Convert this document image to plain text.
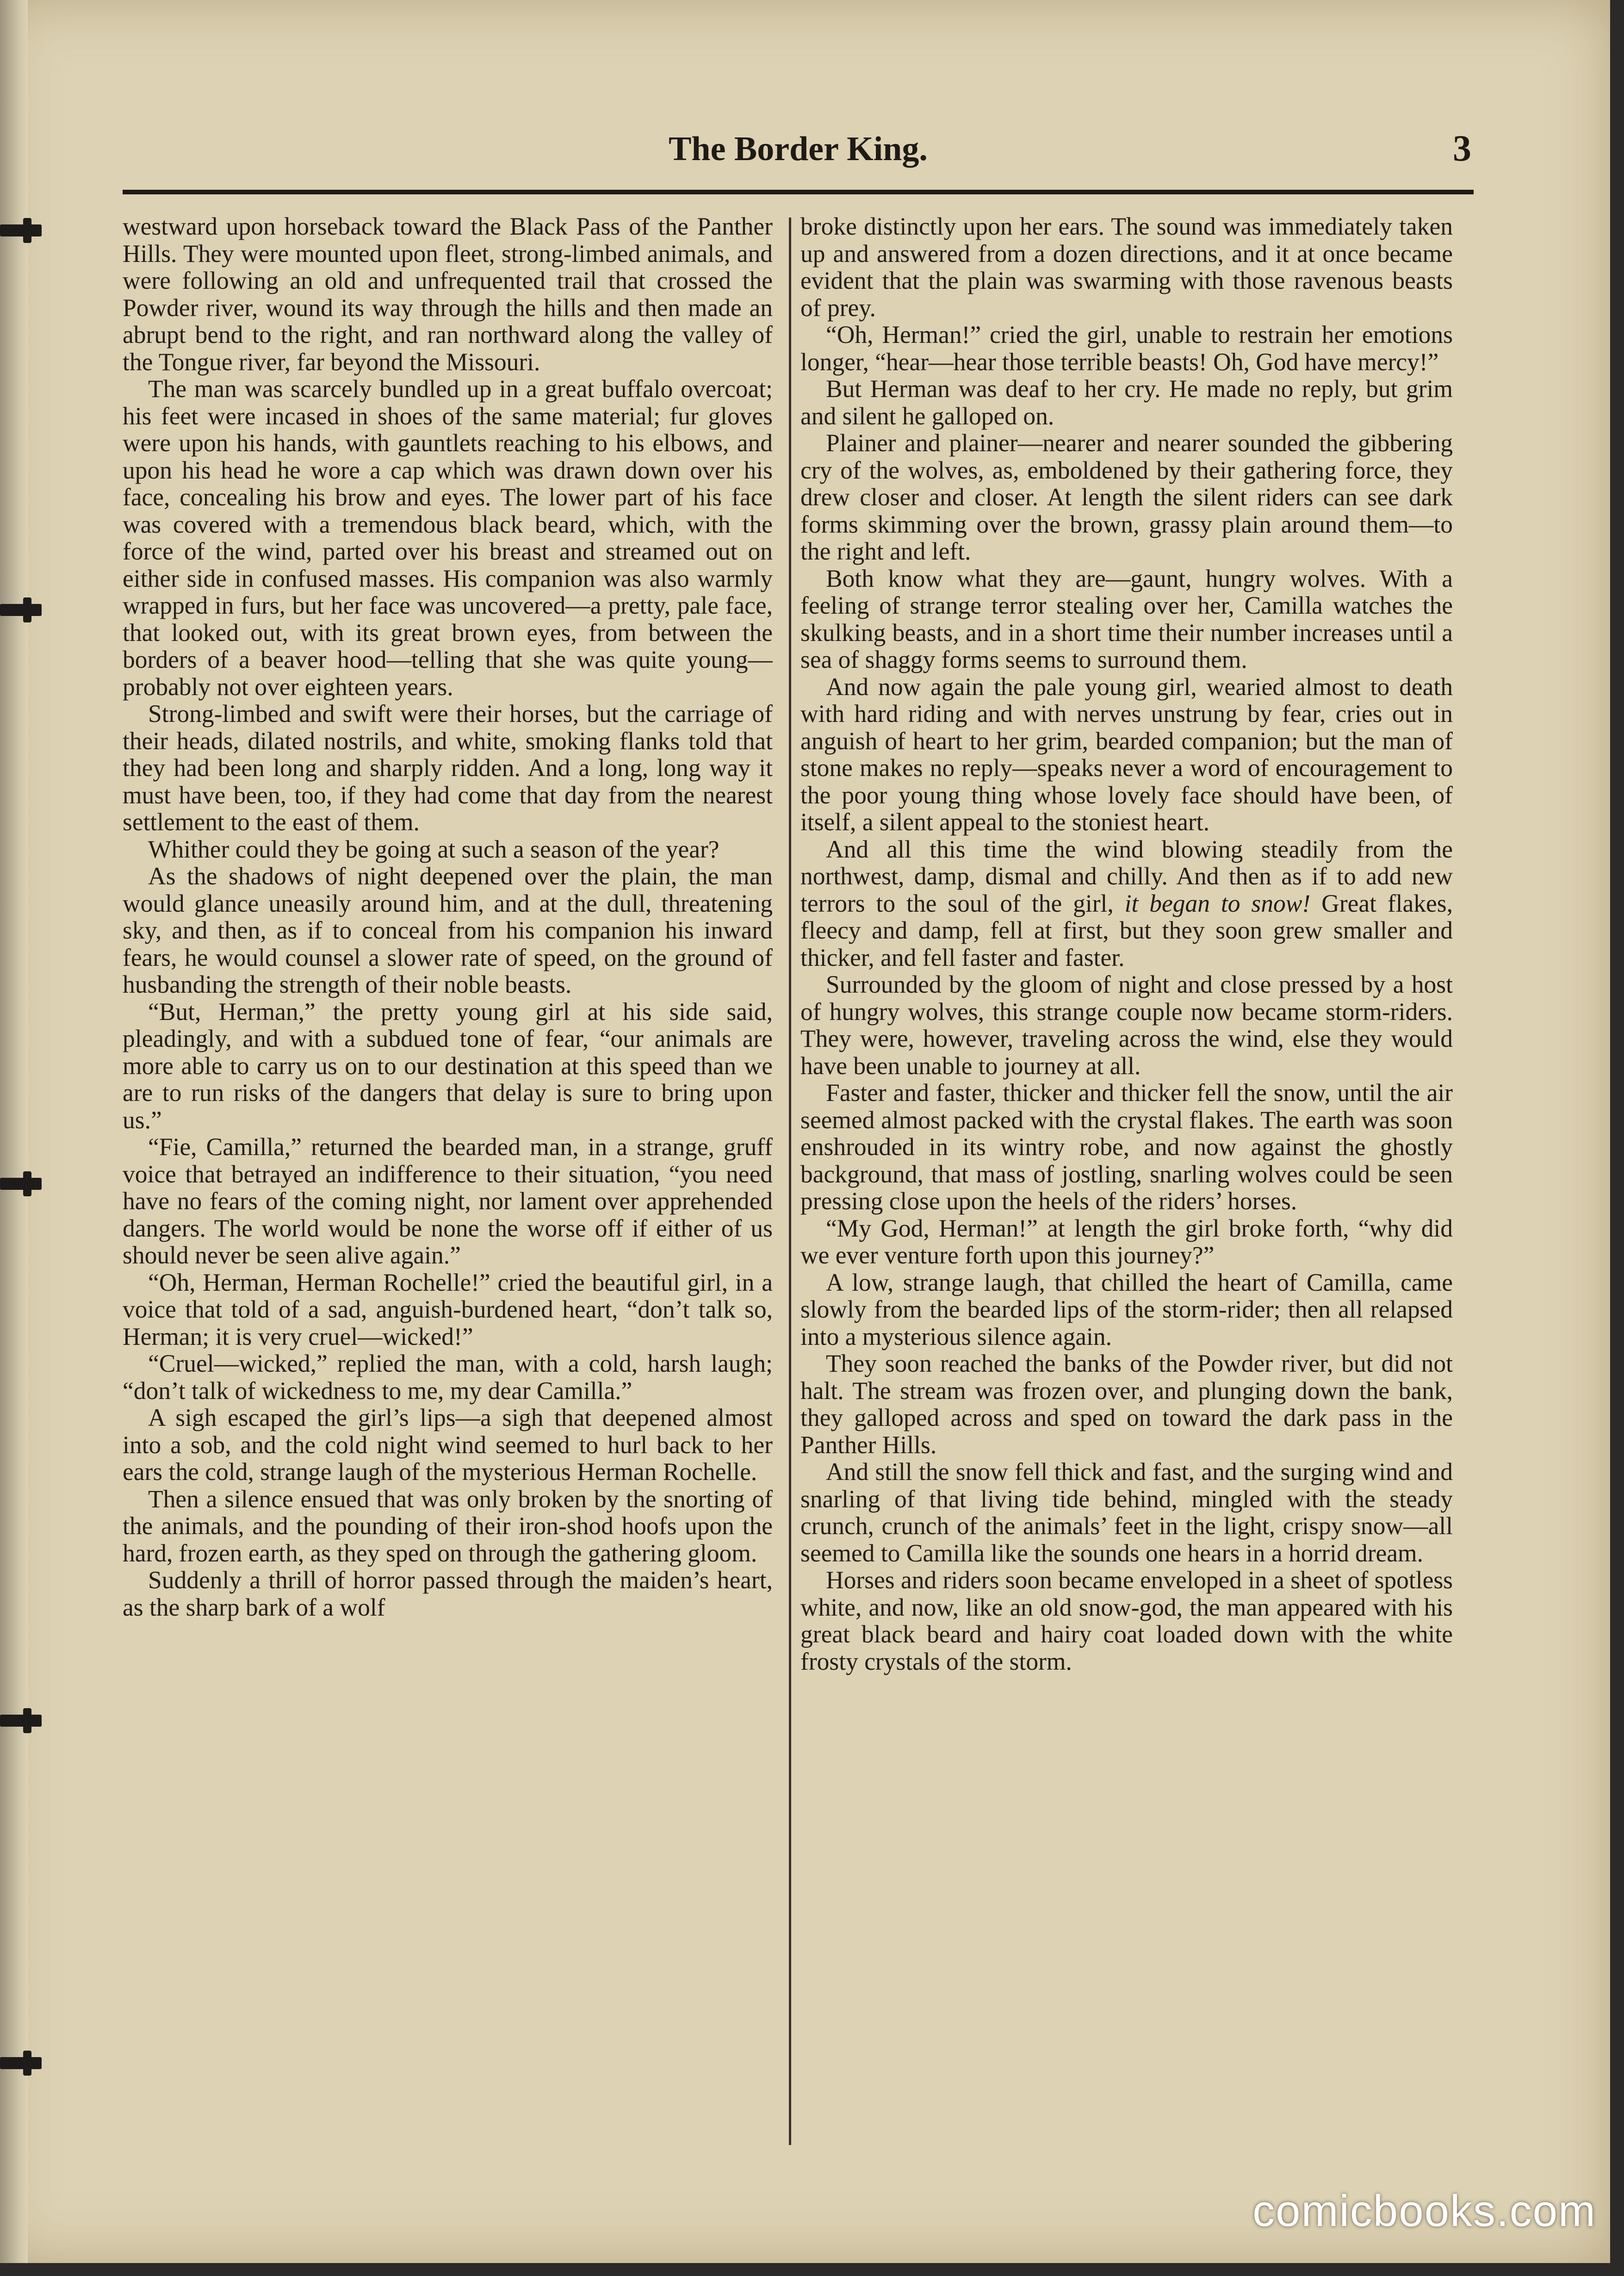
The Border King.	3

westward upon horseback toward the Black Pass of the Panther Hills. They were mounted upon fleet, strong-limbed animals, and were following an old and unfrequented trail that crossed the Powder river, wound its way through the hills and then made an abrupt bend to the right, and ran northward along the valley of the Tongue river, far beyond the Missouri.

The man was scarcely bundled up in a great buffalo overcoat; his feet were incased in shoes of the same material; fur gloves were upon his hands, with gauntlets reaching to his elbows, and upon his head he wore a cap which was drawn down over his face, concealing his brow and eyes. The lower part of his face was covered with a tremendous black beard, which, with the force of the wind, parted over his breast and streamed out on either side in confused masses. His companion was also warmly wrapped in furs, but her face was uncovered—a pretty, pale face, that looked out, with its great brown eyes, from between the borders of a beaver hood—telling that she was quite young—probably not over eighteen years.

Strong-limbed and swift were their horses, but the carriage of their heads, dilated nostrils, and white, smoking flanks told that they had been long and sharply ridden. And a long, long way it must have been, too, if they had come that day from the nearest settlement to the east of them.

Whither could they be going at such a season of the year?

As the shadows of night deepened over the plain, the man would glance uneasily around him, and at the dull, threatening sky, and then, as if to conceal from his companion his inward fears, he would counsel a slower rate of speed, on the ground of husbanding the strength of their noble beasts.

“But, Herman,” the pretty young girl at his side said, pleadingly, and with a subdued tone of fear, “our animals are more able to carry us on to our destination at this speed than we are to run risks of the dangers that delay is sure to bring upon us.”

“Fie, Camilla,” returned the bearded man, in a strange, gruff voice that betrayed an indifference to their situation, “you need have no fears of the coming night, nor lament over apprehended dangers. The world would be none the worse off if either of us should never be seen alive again.”

“Oh, Herman, Herman Rochelle!” cried the beautiful girl, in a voice that told of a sad, anguish-burdened heart, “don’t talk so, Herman; it is very cruel—wicked!”

“Cruel—wicked,” replied the man, with a cold, harsh laugh; “don’t talk of wickedness to me, my dear Camilla.”

A sigh escaped the girl’s lips—a sigh that deepened almost into a sob, and the cold night wind seemed to hurl back to her ears the cold, strange laugh of the mysterious Herman Rochelle.

Then a silence ensued that was only broken by the snorting of the animals, and the pounding of their iron-shod hoofs upon the hard, frozen earth, as they sped on through the gathering gloom.

Suddenly a thrill of horror passed through the maiden’s heart, as the sharp bark of a wolf

broke distinctly upon her ears. The sound was immediately taken up and answered from a dozen directions, and it at once became evident that the plain was swarming with those ravenous beasts of prey.

“Oh, Herman!” cried the girl, unable to restrain her emotions longer, “hear—hear those terrible beasts! Oh, God have mercy!”

But Herman was deaf to her cry. He made no reply, but grim and silent he galloped on.

Plainer and plainer—nearer and nearer sounded the gibbering cry of the wolves, as, emboldened by their gathering force, they drew closer and closer. At length the silent riders can see dark forms skimming over the brown, grassy plain around them—to the right and left.

Both know what they are—gaunt, hungry wolves. With a feeling of strange terror stealing over her, Camilla watches the skulking beasts, and in a short time their number increases until a sea of shaggy forms seems to surround them.

And now again the pale young girl, wearied almost to death with hard riding and with nerves unstrung by fear, cries out in anguish of heart to her grim, bearded companion; but the man of stone makes no reply—speaks never a word of encouragement to the poor young thing whose lovely face should have been, of itself, a silent appeal to the stoniest heart.

And all this time the wind blowing steadily from the northwest, damp, dismal and chilly. And then as if to add new terrors to the soul of the girl, it began to snow! Great flakes, fleecy and damp, fell at first, but they soon grew smaller and thicker, and fell faster and faster.

Surrounded by the gloom of night and close pressed by a host of hungry wolves, this strange couple now became storm-riders. They were, however, traveling across the wind, else they would have been unable to journey at all.

Faster and faster, thicker and thicker fell the snow, until the air seemed almost packed with the crystal flakes. The earth was soon enshrouded in its wintry robe, and now against the ghostly background, that mass of jostling, snarling wolves could be seen pressing close upon the heels of the riders’ horses.

“My God, Herman!” at length the girl broke forth, “why did we ever venture forth upon this journey?”

A low, strange laugh, that chilled the heart of Camilla, came slowly from the bearded lips of the storm-rider; then all relapsed into a mysterious silence again.

They soon reached the banks of the Powder river, but did not halt. The stream was frozen over, and plunging down the bank, they galloped across and sped on toward the dark pass in the Panther Hills.

And still the snow fell thick and fast, and the surging wind and snarling of that living tide behind, mingled with the steady crunch, crunch of the animals’ feet in the light, crispy snow—all seemed to Camilla like the sounds one hears in a horrid dream.

Horses and riders soon became enveloped in a sheet of spotless white, and now, like an old snow-god, the man appeared with his great black beard and hairy coat loaded down with the white frosty crystals of the storm.

comicbooks.com
